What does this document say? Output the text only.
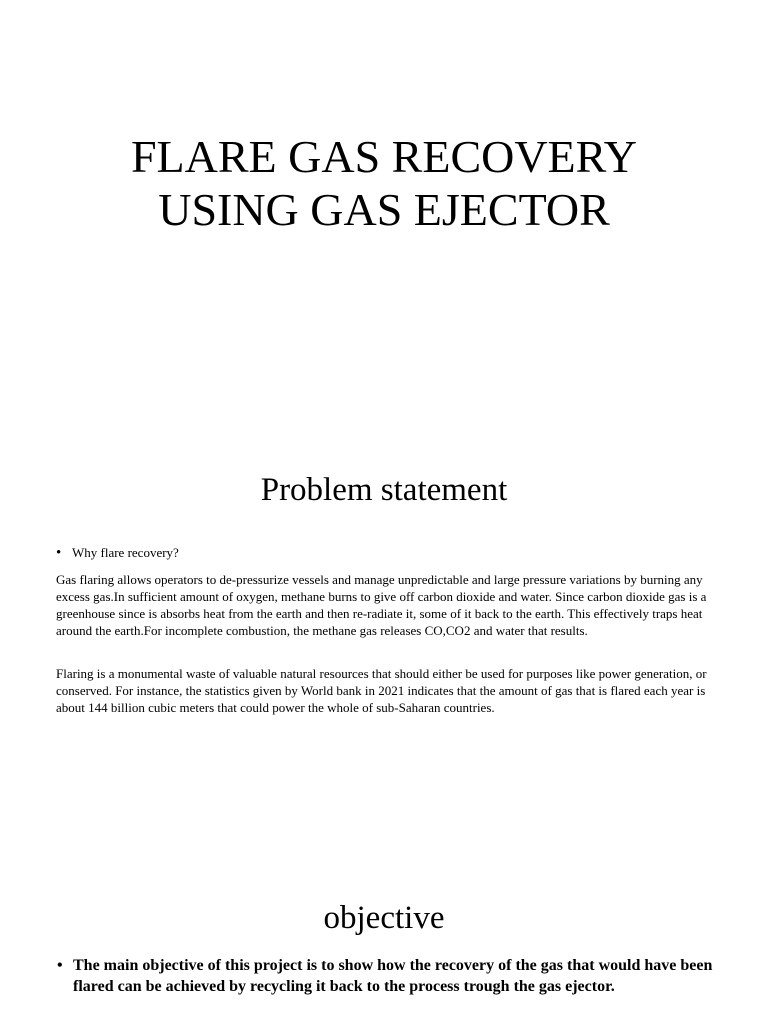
FLARE GAS RECOVERY
USING GAS EJECTOR
Problem statement
• Why flare recovery?

Gas flaring allows operators to de-pressurize vessels and manage unpredictable and large pressure variations by burning any excess gas.In sufficient amount of oxygen, methane burns to give off carbon dioxide and water. Since carbon dioxide gas is a greenhouse since is absorbs heat from the earth and then re-radiate it, some of it back to the earth. This effectively traps heat around the earth.For incomplete combustion, the methane gas releases CO,CO2 and water that results.

Flaring is a monumental waste of valuable natural resources that should either be used for purposes like power generation, or conserved. For instance, the statistics given by World bank in 2021 indicates that the amount of gas that is flared each year is about 144 billion cubic meters that could power the whole of sub-Saharan countries.

objective
• The main objective of this project is to show how the recovery of the gas that would have been flared can be achieved by recycling it back to the process trough the gas ejector.
